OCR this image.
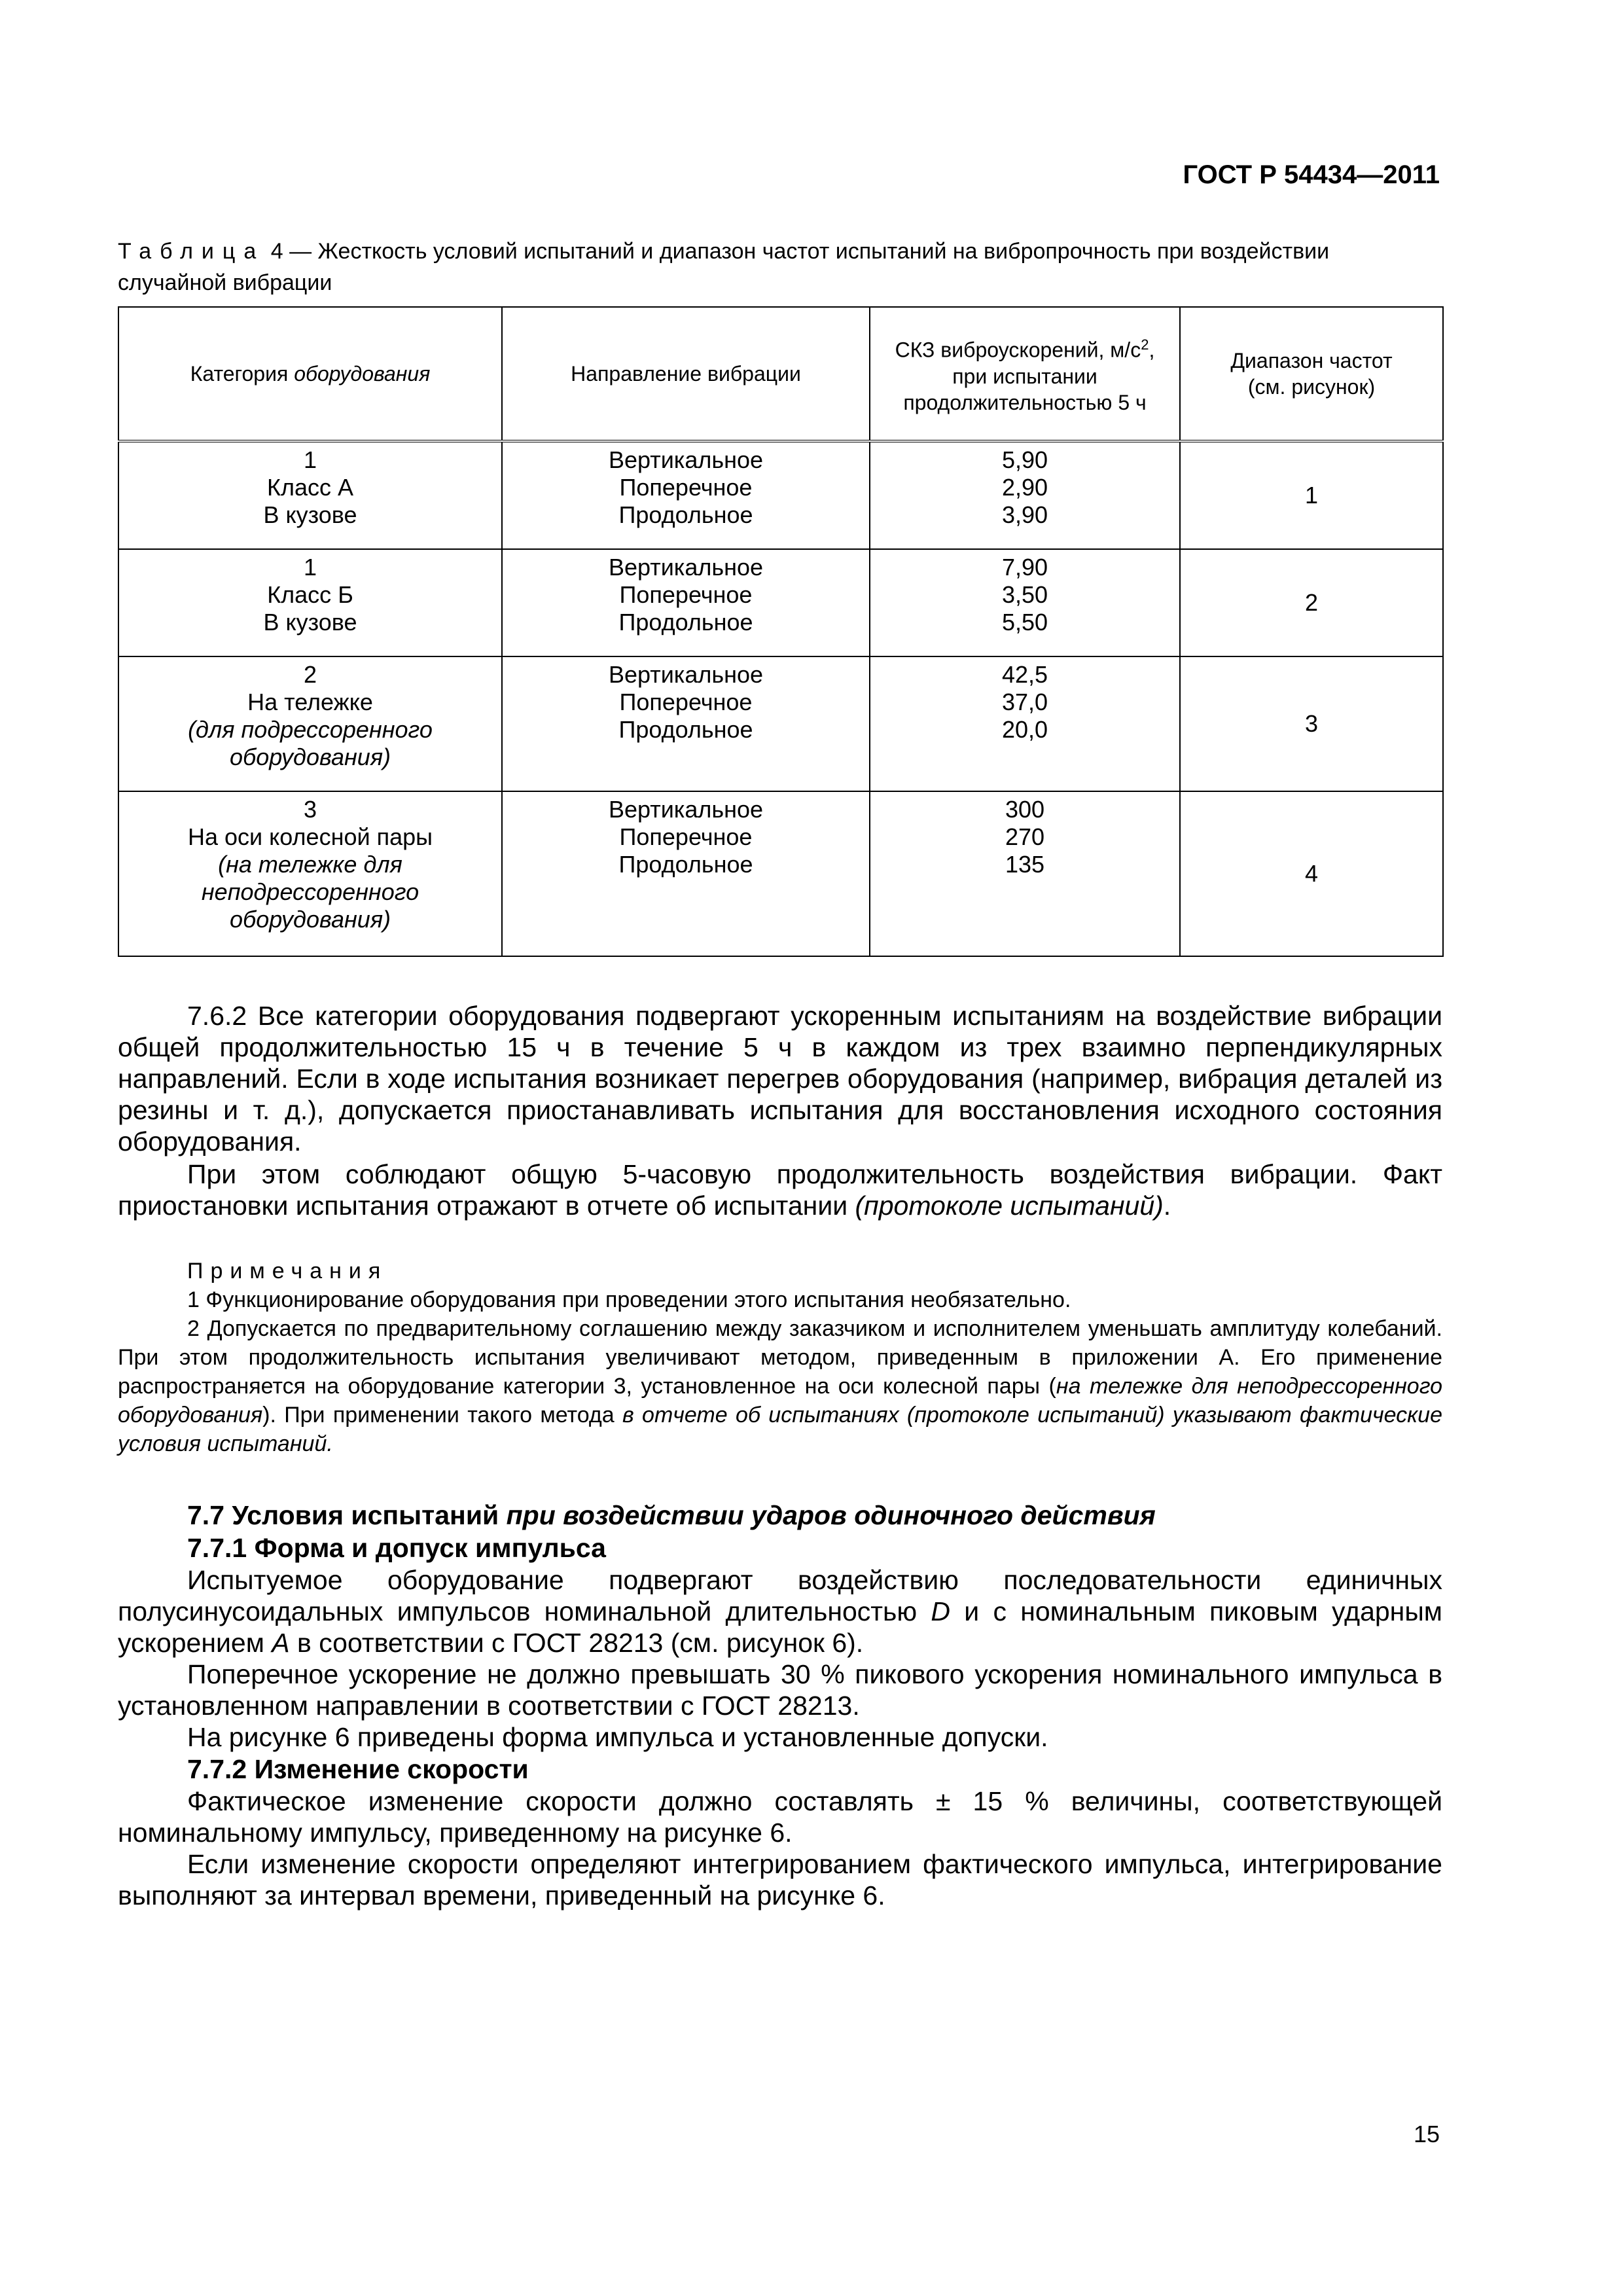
ГОСТ Р 54434—2011
Таблица 4 — Жесткость условий испытаний и диапазон частот испытаний на вибропрочность при воздействии случайной вибрации
Категория оборудования	Направление вибрации	СКЗ виброускорений, $м/с^2$,
при испытании
продолжительностью 5 ч	Диапазон частот
(см. рисунок)

1
Класс А
В кузове	Вертикальное
Поперечное
Продольное	5,90
2,90
3,90	1

1
Класс Б
В кузове	Вертикальное
Поперечное
Продольное	7,90
3,50
5,50	2

2
На тележке
(для подрессоренного
оборудования)	Вертикальное
Поперечное
Продольное	42,5
37,0
20,0	3

3
На оси колесной пары
(на тележке для
неподрессоренного
оборудования)	Вертикальное
Поперечное
Продольное	300
270
135	4

7.6.2 Все категории оборудования подвергают ускоренным испытаниям на воздействие вибрации общей продолжительностью 15 ч в течение 5 ч в каждом из трех взаимно перпендикулярных направлений. Если в ходе испытания возникает перегрев оборудования (например, вибрация деталей из резины и т. д.), допускается приостанавливать испытания для восстановления исходного состояния оборудования.

При этом соблюдают общую 5-часовую продолжительность воздействия вибрации. Факт приостановки испытания отражают в отчете об испытании (протоколе испытаний).

Примечания

1 Функционирование оборудования при проведении этого испытания необязательно.

2 Допускается по предварительному соглашению между заказчиком и исполнителем уменьшать амплитуду колебаний. При этом продолжительность испытания увеличивают методом, приведенным в приложении А. Его применение распространяется на оборудование категории 3, установленное на оси колесной пары (на тележке для неподрессоренного оборудования). При применении такого метода в отчете об испытаниях (протоколе испытаний) указывают фактические условия испытаний.

7.7 Условия испытаний при воздействии ударов одиночного действия
7.7.1 Форма и допуск импульса

Испытуемое оборудование подвергают воздействию последовательности единичных полусинусоидальных импульсов номинальной длительностью D и с номинальным пиковым ударным ускорением A в соответствии с ГОСТ 28213 (см. рисунок 6).

Поперечное ускорение не должно превышать 30 % пикового ускорения номинального импульса в установленном направлении в соответствии с ГОСТ 28213.

На рисунке 6 приведены форма импульса и установленные допуски.

7.7.2 Изменение скорости

Фактическое изменение скорости должно составлять ± 15 % величины, соответствующей номинальному импульсу, приведенному на рисунке 6.

Если изменение скорости определяют интегрированием фактического импульса, интегрирование выполняют за интервал времени, приведенный на рисунке 6.

15
